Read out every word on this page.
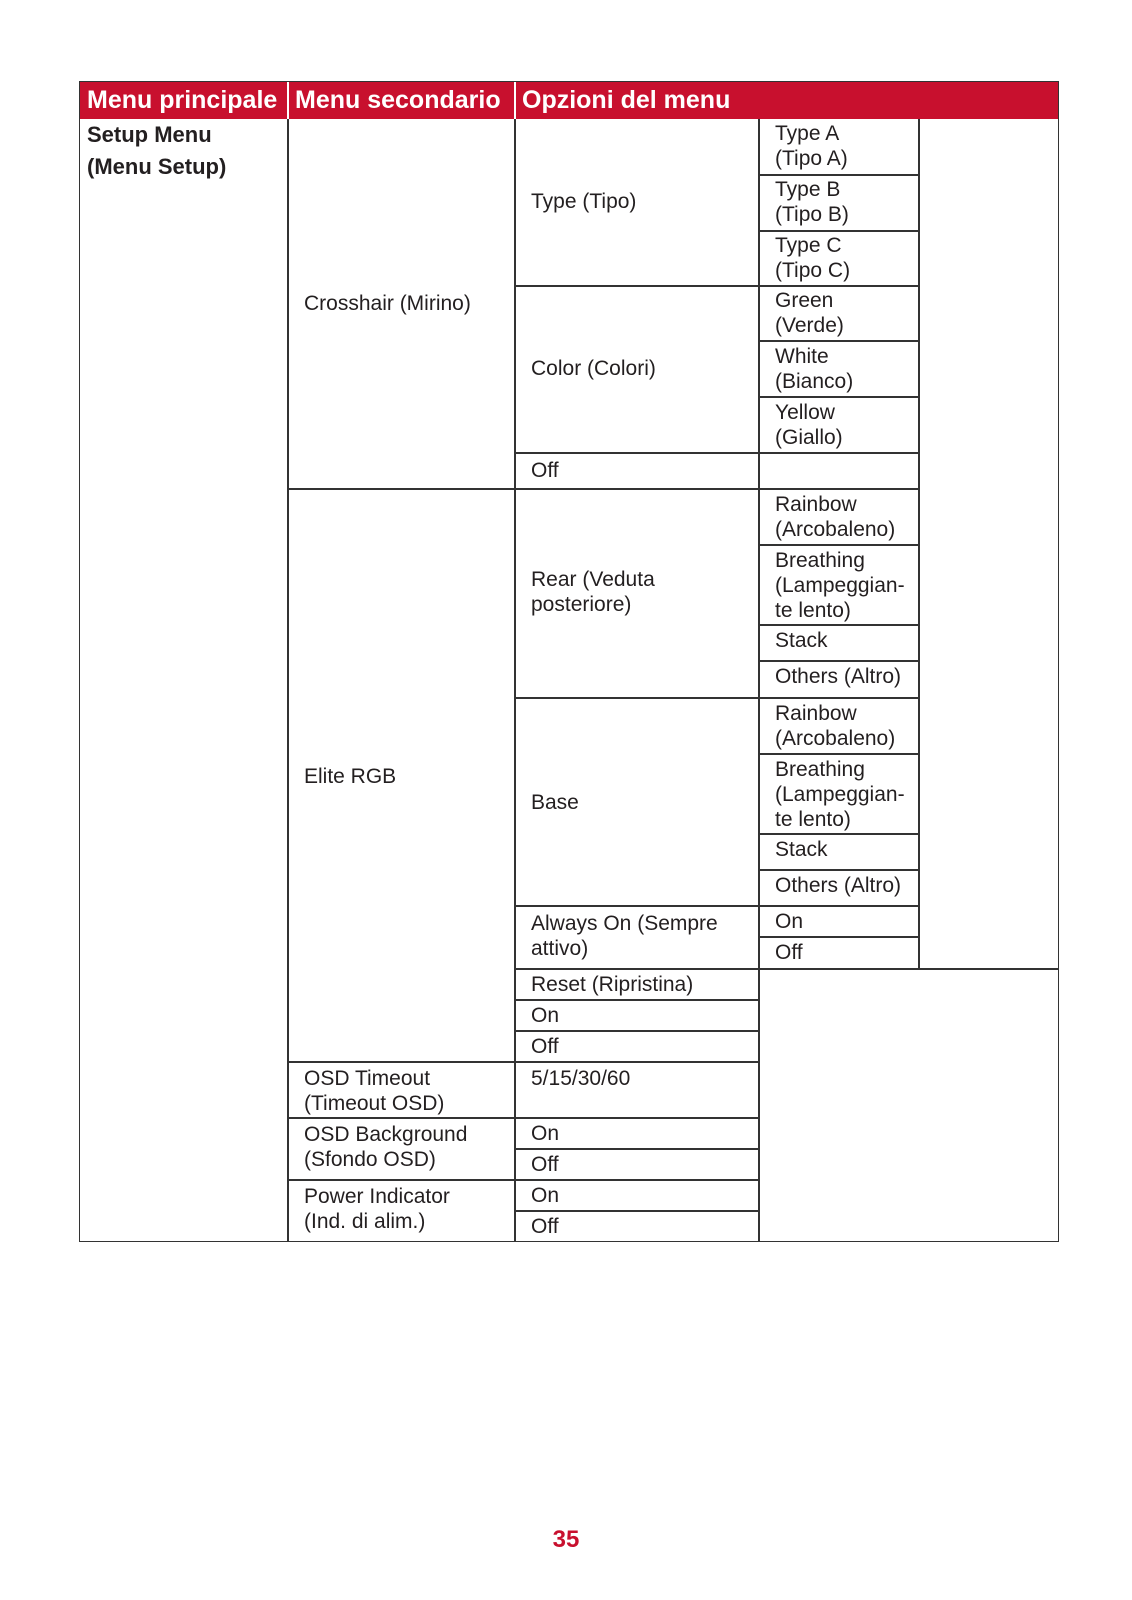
Menu principale Menu secondario Opzioni del menu
Setup Menu
(Menu Setup)
Crosshair (Mirino)
Elite RGB
OSD Timeout
(Timeout OSD)
OSD Background
(Sfondo OSD)
Power Indicator
(Ind. di alim.)
Type (Tipo)
Color (Colori)
Off
Rear (Veduta
posteriore)
Base
Always On (Sempre
attivo)
Reset (Ripristina)
On
Off
5/15/30/60
On
Off
On
Off
Type A
(Tipo A)
Type B
(Tipo B)
Type C
(Tipo C)
Green
(Verde)
White
(Bianco)
Yellow
(Giallo)
Rainbow
(Arcobaleno)
Breathing
(Lampeggian-
te lento)
Stack
Others (Altro)
Rainbow
(Arcobaleno)
Breathing
(Lampeggian-
te lento)
Stack
Others (Altro)
On
Off
35
